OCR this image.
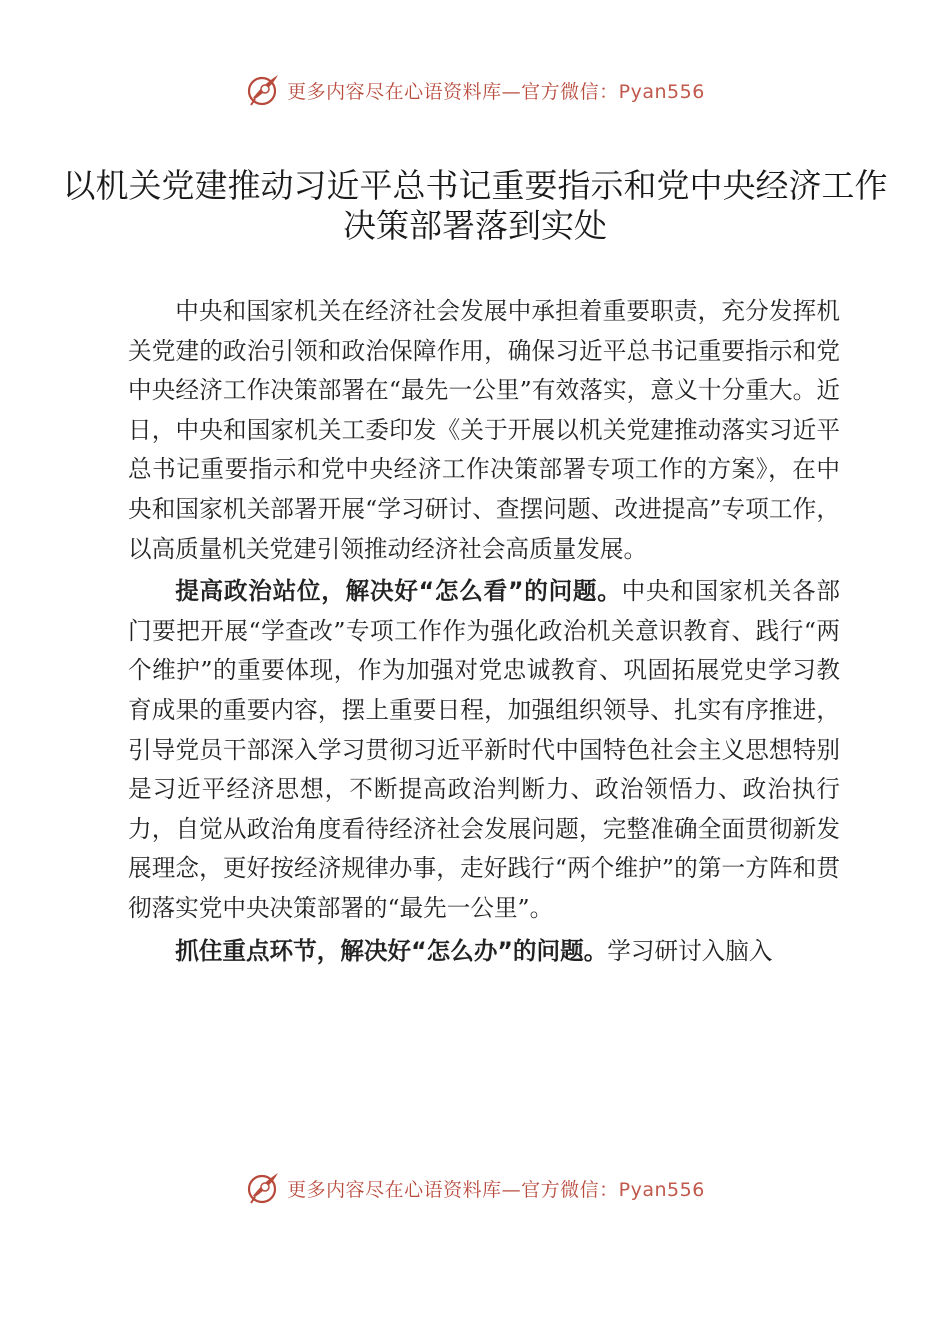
更多内容尽在心语资料库—官方微信：Pyan556
以机关党建推动习近平总书记重要指示和党中央经济工作决策部署落到实处

中央和国家机关在经济社会发展中承担着重要职责，充分发挥机关党建的政治引领和政治保障作用，确保习近平总书记重要指示和党中央经济工作决策部署在“最先一公里”有效落实，意义十分重大。近日，中央和国家机关工委印发《关于开展以机关党建推动落实习近平总书记重要指示和党中央经济工作决策部署专项工作的方案》，在中央和国家机关部署开展“学习研讨、查摆问题、改进提高”专项工作，以高质量机关党建引领推动经济社会高质量发展。

提高政治站位，解决好“怎么看”的问题。中央和国家机关各部门要把开展“学查改”专项工作作为强化政治机关意识教育、践行“两个维护”的重要体现，作为加强对党忠诚教育、巩固拓展党史学习教育成果的重要内容，摆上重要日程，加强组织领导、扎实有序推进，引导党员干部深入学习贯彻习近平新时代中国特色社会主义思想特别是习近平经济思想，不断提高政治判断力、政治领悟力、政治执行力，自觉从政治角度看待经济社会发展问题，完整准确全面贯彻新发展理念，更好按经济规律办事，走好践行“两个维护”的第一方阵和贯彻落实党中央决策部署的“最先一公里”。

抓住重点环节，解决好“怎么办”的问题。学习研讨入脑入

更多内容尽在心语资料库—官方微信：Pyan556
